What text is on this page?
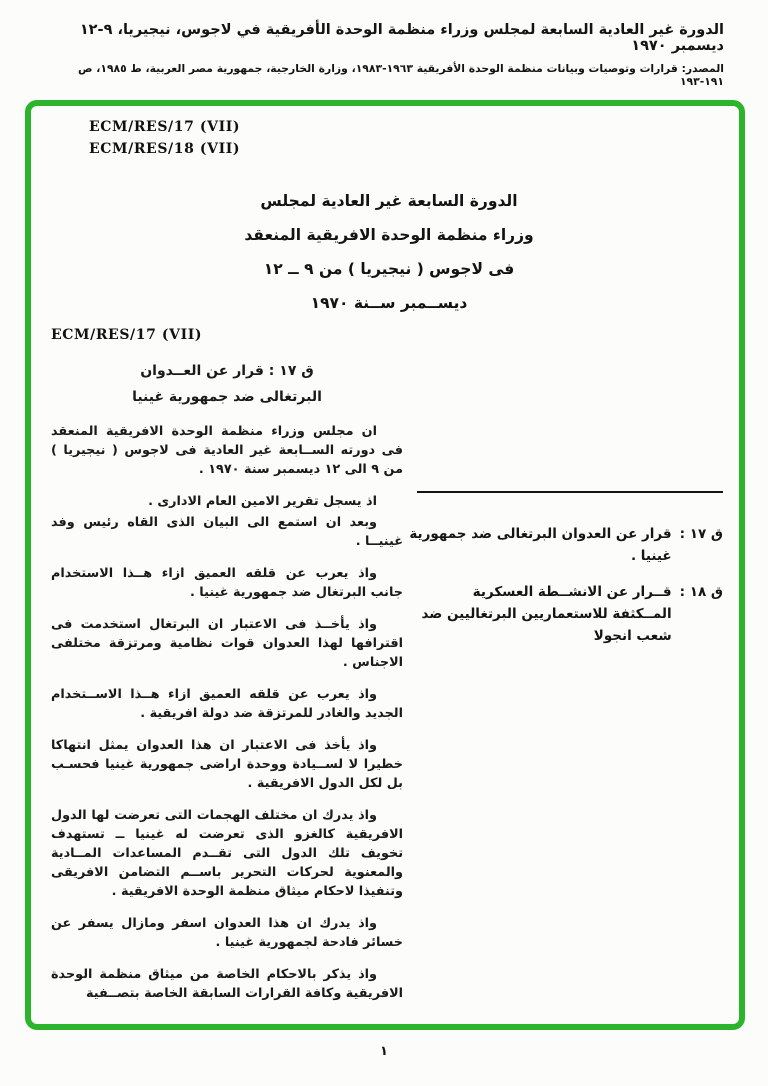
الدورة غير العادية السابعة لمجلس وزراء منظمة الوحدة الأفريقية في لاجوس، نيجيريا، ٩-١٢ ديسمبر ١٩٧٠
المصدر: قرارات وتوصيات وبيانات منظمة الوحدة الأفريقية ١٩٦٣-١٩٨٣، وزارة الخارجية، جمهورية مصر العربية، ط ١٩٨٥، ص ١٩١-١٩٣
ECM/RES/17 (VII)
ECM/RES/18 (VII)
الدورة السابعة غير العادية لمجلس
وزراء منظمة الوحدة الافريقية المنعقد
فى لاجوس ( نيجيريا ) من ٩ ــ ١٢
ديســمبر ســنة ١٩٧٠
ECM/RES/17 (VII)
ق ١٧ : قرار عن العــدوان
البرتغالى ضد جمهورية غينيا

ان مجلس وزراء منظمة الوحدة الافريقية المنعقد فى دورته الســابعة غير العادية فى لاجوس ( نيجيريا ) من ٩ الى ١٢ ديسمبر سنة ١٩٧٠ .

اذ يسجل تقرير الامين العام الادارى .

وبعد ان استمع الى البيان الذى القاه رئيس وفد غينيــا .

واذ يعرب عن قلقه العميق ازاء هــذا الاستخدام جانب البرتغال ضد جمهورية غينيا .

واذ يأخــذ فى الاعتبار ان البرتغال استخدمت فى اقترافها لهذا العدوان قوات نظامية ومرتزقة مختلفى الاجناس .

واذ يعرب عن قلقه العميق ازاء هــذا الاســتخدام الجديد والغادر للمرتزقة ضد دولة افريقية .

واذ يأخذ فى الاعتبار ان هذا العدوان يمثل انتهاكا خطيرا لا لســيادة ووحدة اراضى جمهورية غينيا فحسـب بل لكل الدول الافريقية .

واذ يدرك ان مختلف الهجمات التى تعرضت لها الدول الافريقية كالغزو الذى تعرضت له غينيا ــ تستهدف تخويف تلك الدول التى تقــدم المساعدات المــادية والمعنوية لحركات التحرير باســم التضامن الافريقى وتنفيذا لاحكام ميثاق منظمة الوحدة الافريقية .

واذ يدرك ان هذا العدوان اسفر ومازال يسفر عن خسائر فادحة لجمهورية غينيا .

واذ يذكر بالاحكام الخاصة من ميثاق منظمة الوحدة الافريقية وكافة القرارات السابقة الخاصة بتصــفية

ق ١٧ :
قرار عن العدوان البرتغالى ضد جمهورية غينيا .
ق ١٨ :
قــرار عن الانشــطة العسكرية المــكثفة للاستعماريين البرتغاليين ضد شعب انجولا
١
